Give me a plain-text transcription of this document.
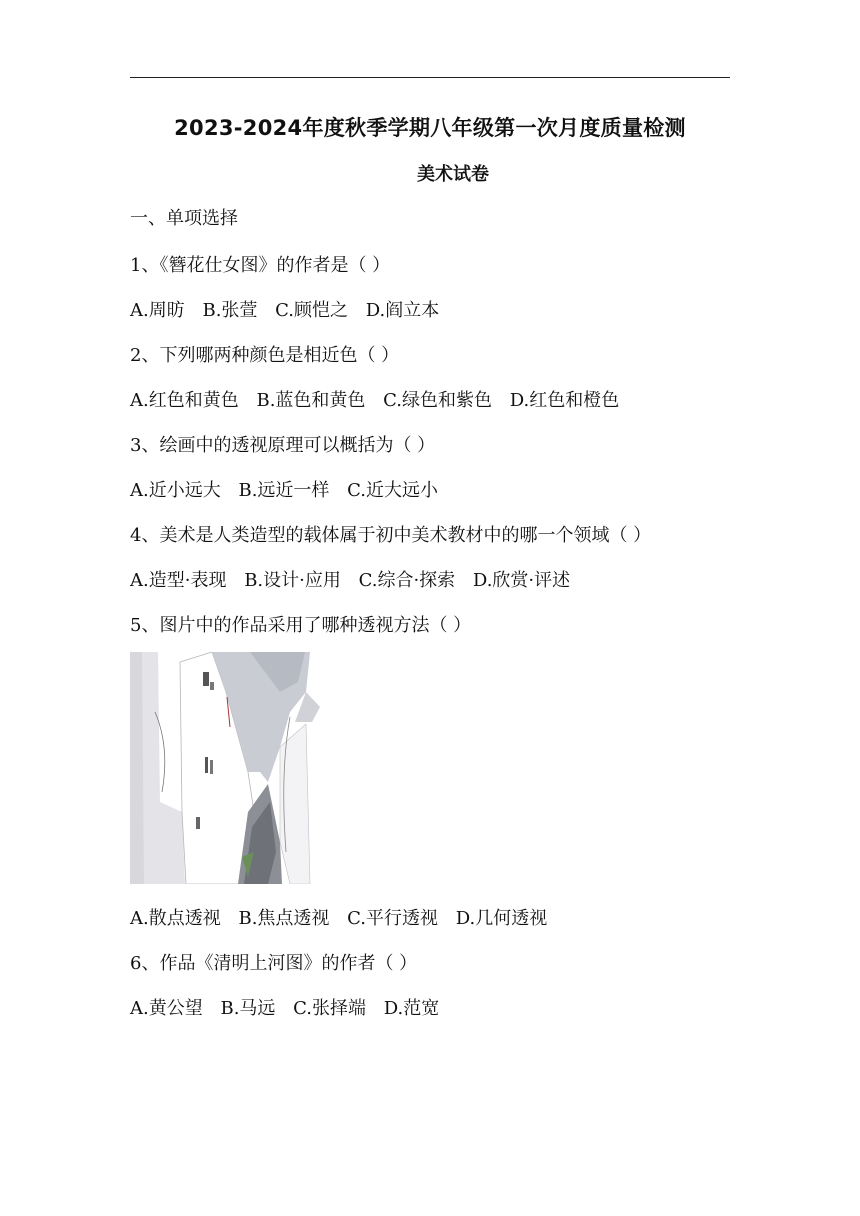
2023-2024年度秋季学期八年级第一次月度质量检测
美术试卷
一、单项选择
1、《簪花仕女图》的作者是（ ）
A.周昉 B.张萱 C.顾恺之 D.阎立本
2、下列哪两种颜色是相近色（ ）
A.红色和黄色 B.蓝色和黄色 C.绿色和紫色 D.红色和橙色
3、绘画中的透视原理可以概括为（ ）
A.近小远大 B.远近一样 C.近大远小
4、美术是人类造型的载体属于初中美术教材中的哪一个领域（ ）
A.造型·表现 B.设计·应用 C.综合·探索 D.欣赏·评述
5、图片中的作品采用了哪种透视方法（ ）
A.散点透视 B.焦点透视 C.平行透视 D.几何透视
6、作品《清明上河图》的作者（ ）
A.黄公望 B.马远 C.张择端 D.范宽
